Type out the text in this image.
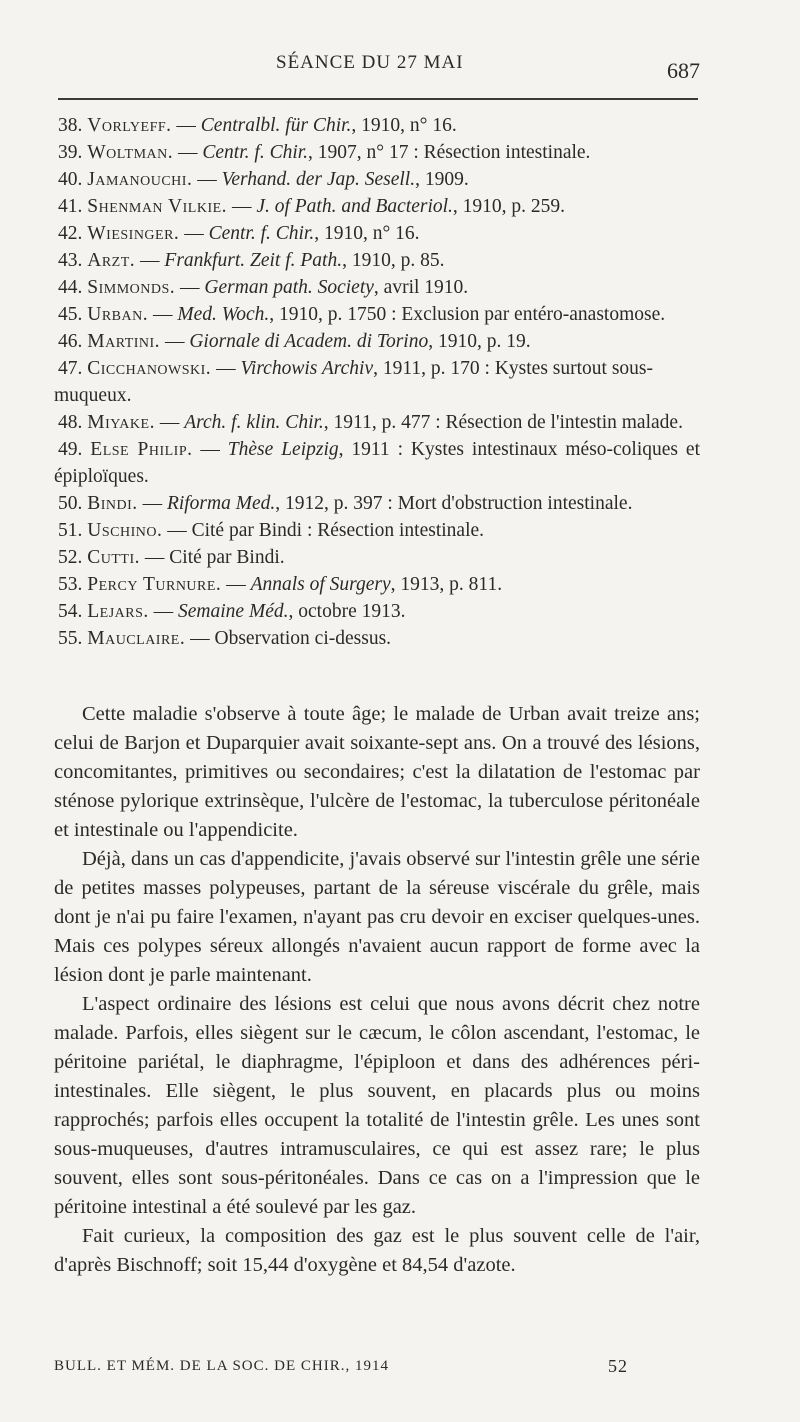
SÉANCE DU 27 MAI	687

38. Vorlyeff. — Centralbl. für Chir., 1910, n° 16.

39. Woltman. — Centr. f. Chir., 1907, n° 17 : Résection intestinale.

40. Jamanouchi. — Verhand. der Jap. Sesell., 1909.

41. Shenman Vilkie. — J. of Path. and Bacteriol., 1910, p. 259.

42. Wiesinger. — Centr. f. Chir., 1910, n° 16.

43. Arzt. — Frankfurt. Zeit f. Path., 1910, p. 85.

44. Simmonds. — German path. Society, avril 1910.

45. Urban. — Med. Woch., 1910, p. 1750 : Exclusion par entéro-anastomose.

46. Martini. — Giornale di Academ. di Torino, 1910, p. 19.

47. Cicchanowski. — Virchowis Archiv, 1911, p. 170 : Kystes surtout sous-muqueux.

48. Miyake. — Arch. f. klin. Chir., 1911, p. 477 : Résection de l'intestin malade.

49. Else Philip. — Thèse Leipzig, 1911 : Kystes intestinaux méso-coliques et épiploïques.

50. Bindi. — Riforma Med., 1912, p. 397 : Mort d'obstruction intestinale.

51. Uschino. — Cité par Bindi : Résection intestinale.

52. Cutti. — Cité par Bindi.

53. Percy Turnure. — Annals of Surgery, 1913, p. 811.

54. Lejars. — Semaine Méd., octobre 1913.

55. Mauclaire. — Observation ci-dessus.

Cette maladie s'observe à toute âge; le malade de Urban avait treize ans; celui de Barjon et Duparquier avait soixante-sept ans. On a trouvé des lésions, concomitantes, primitives ou secondaires; c'est la dilatation de l'estomac par sténose pylorique extrinsèque, l'ulcère de l'estomac, la tuberculose péritonéale et intestinale ou l'appendicite.

Déjà, dans un cas d'appendicite, j'avais observé sur l'intestin grêle une série de petites masses polypeuses, partant de la séreuse viscérale du grêle, mais dont je n'ai pu faire l'examen, n'ayant pas cru devoir en exciser quelques-unes. Mais ces polypes séreux allongés n'avaient aucun rapport de forme avec la lésion dont je parle maintenant.

L'aspect ordinaire des lésions est celui que nous avons décrit chez notre malade. Parfois, elles siègent sur le cæcum, le côlon ascendant, l'estomac, le péritoine pariétal, le diaphragme, l'épiploon et dans des adhérences péri-intestinales. Elle siègent, le plus souvent, en placards plus ou moins rapprochés; parfois elles occupent la totalité de l'intestin grêle. Les unes sont sous-muqueuses, d'autres intramusculaires, ce qui est assez rare; le plus souvent, elles sont sous-péritonéales. Dans ce cas on a l'impression que le péritoine intestinal a été soulevé par les gaz.

Fait curieux, la composition des gaz est le plus souvent celle de l'air, d'après Bischnoff; soit 15,44 d'oxygène et 84,54 d'azote.

BULL. ET MÉM. DE LA SOC. DE CHIR., 1914	52
